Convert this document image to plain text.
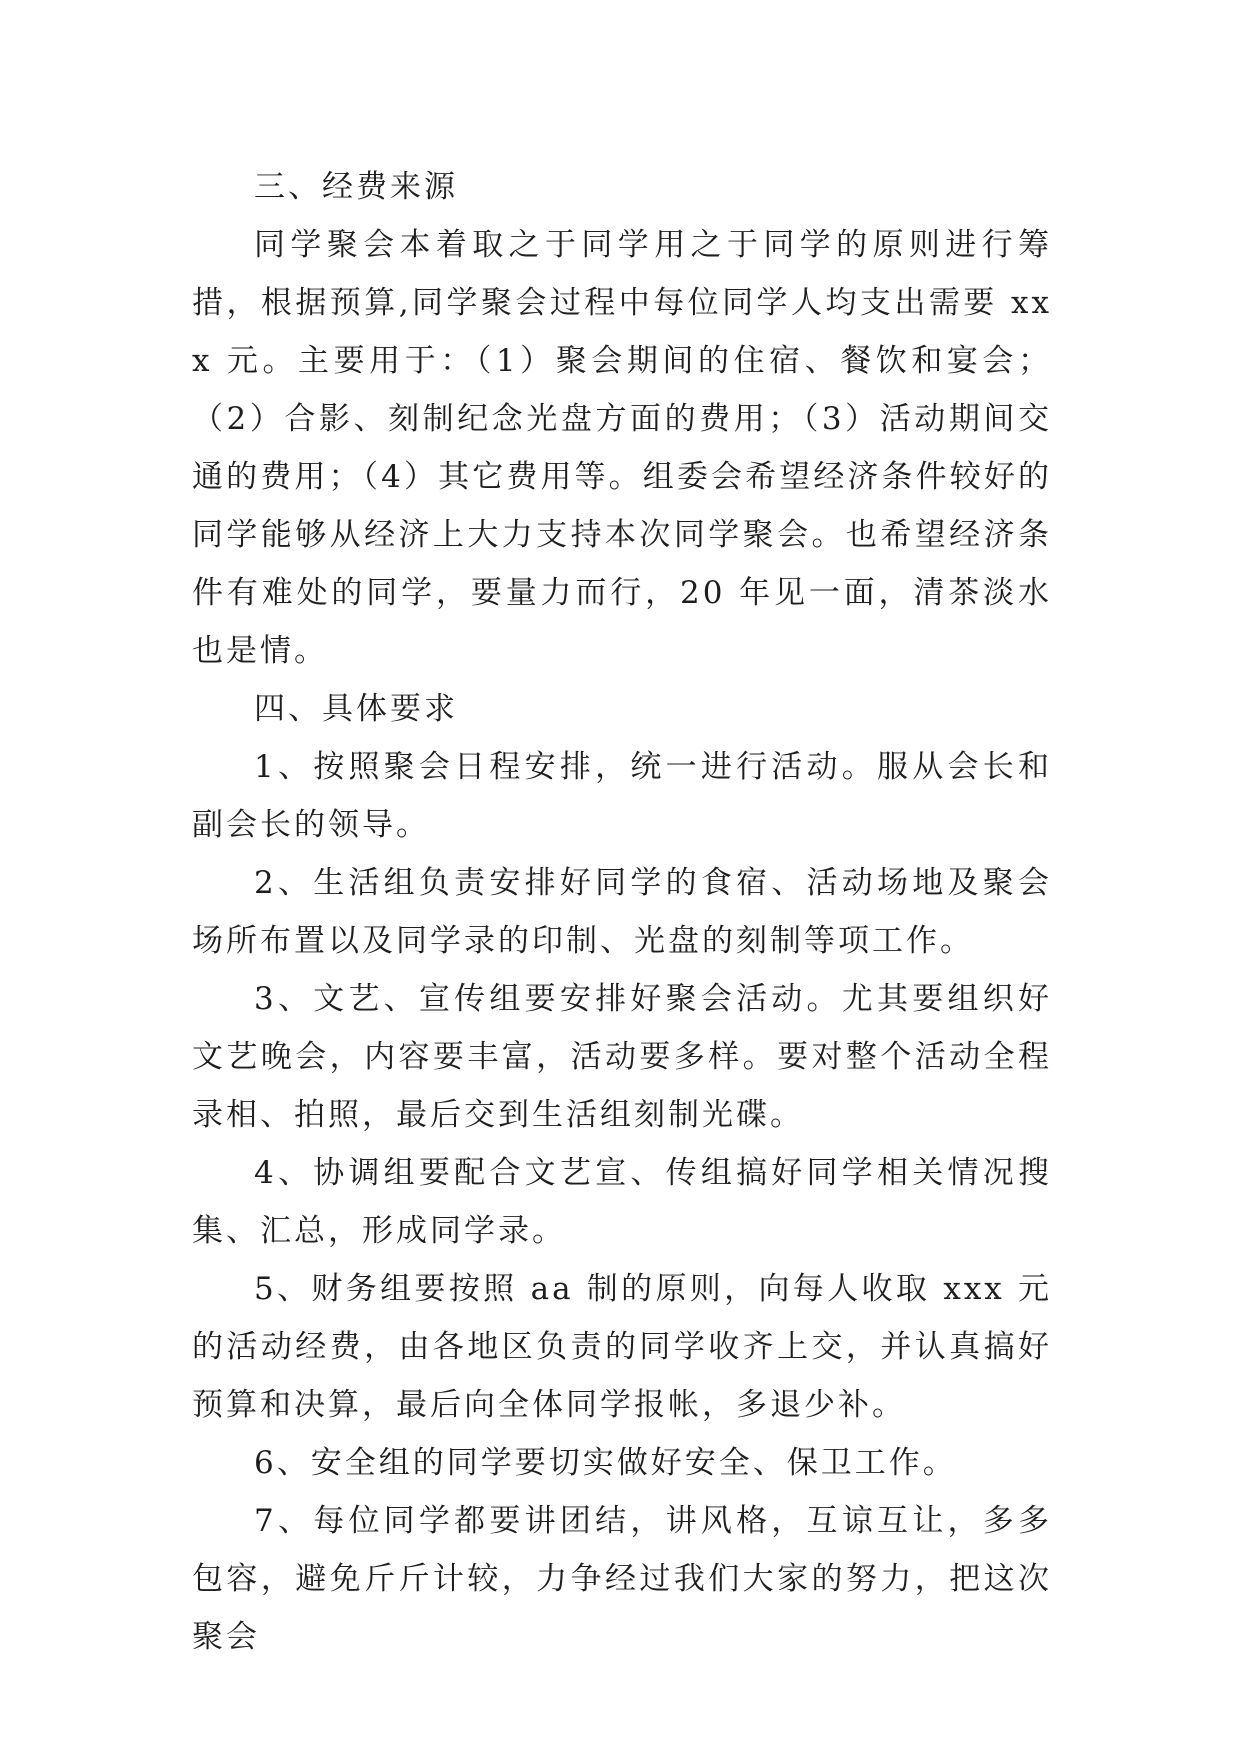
三、经费来源

同学聚会本着取之于同学用之于同学的原则进行筹措，根据预算,同学聚会过程中每位同学人均支出需要 xxx 元。主要用于：（1）聚会期间的住宿、餐饮和宴会；（2）合影、刻制纪念光盘方面的费用；（3）活动期间交通的费用；（4）其它费用等。组委会希望经济条件较好的同学能够从经济上大力支持本次同学聚会。也希望经济条件有难处的同学，要量力而行，20 年见一面，清茶淡水也是情。

四、具体要求

1、按照聚会日程安排，统一进行活动。服从会长和副会长的领导。

2、生活组负责安排好同学的食宿、活动场地及聚会场所布置以及同学录的印制、光盘的刻制等项工作。

3、文艺、宣传组要安排好聚会活动。尤其要组织好文艺晚会，内容要丰富，活动要多样。要对整个活动全程录相、拍照，最后交到生活组刻制光碟。

4、协调组要配合文艺宣、传组搞好同学相关情况搜集、汇总，形成同学录。

5、财务组要按照 aa 制的原则，向每人收取 xxx 元的活动经费，由各地区负责的同学收齐上交，并认真搞好预算和决算，最后向全体同学报帐，多退少补。

6、安全组的同学要切实做好安全、保卫工作。

7、每位同学都要讲团结，讲风格，互谅互让，多多包容，避免斤斤计较，力争经过我们大家的努力，把这次聚会
